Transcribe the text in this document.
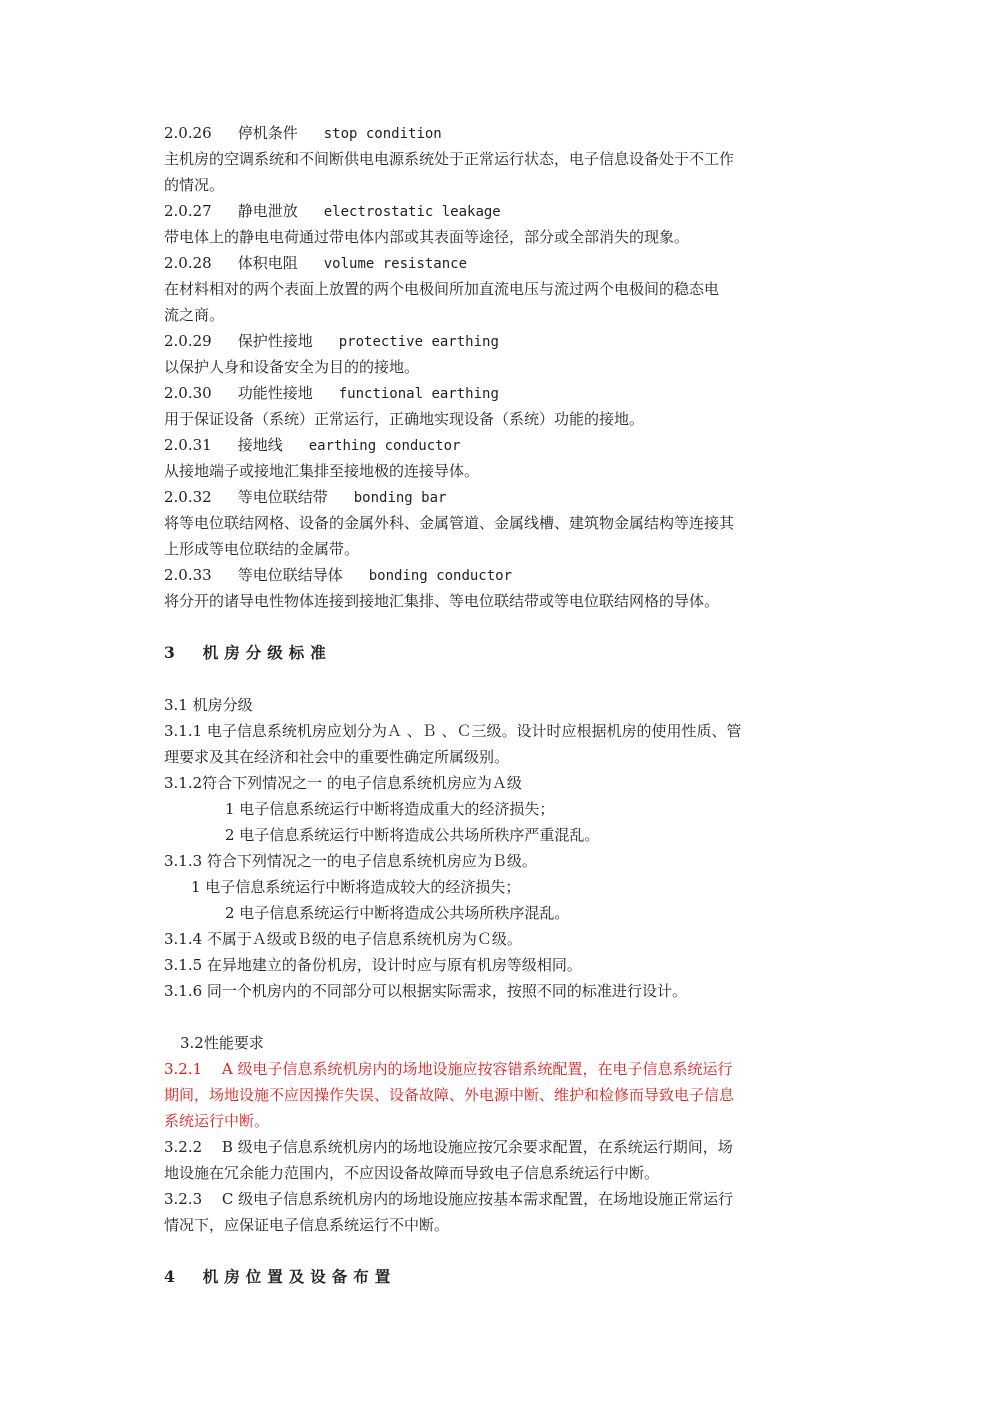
2.0.26 停机条件 stop condition
主机房的空调系统和不间断供电电源系统处于正常运行状态，电子信息设备处于不工作
的情况。
2.0.27 静电泄放 electrostatic leakage
带电体上的静电电荷通过带电体内部或其表面等途径，部分或全部消失的现象。
2.0.28 体积电阻 volume resistance
在材料相对的两个表面上放置的两个电极间所加直流电压与流过两个电极间的稳态电
流之商。
2.0.29 保护性接地 protective earthing
以保护人身和设备安全为目的的接地。
2.0.30 功能性接地 functional earthing
用于保证设备（系统）正常运行，正确地实现设备（系统）功能的接地。
2.0.31 接地线 earthing conductor
从接地端子或接地汇集排至接地极的连接导体。
2.0.32 等电位联结带 bonding bar
将等电位联结网格、设备的金属外科、金属管道、金属线槽、建筑物金属结构等连接其
上形成等电位联结的金属带。
2.0.33 等电位联结导体 bonding conductor
将分开的诸导电性物体连接到接地汇集排、等电位联结带或等电位联结网格的导体。
3 机房分级标准
3.1 机房分级
3.1.1 电子信息系统机房应划分为Ａ 、Ｂ 、Ｃ三级。设计时应根据机房的使用性质、管
理要求及其在经济和社会中的重要性确定所属级别。
3.1.2符合下列情况之一 的电子信息系统机房应为Ａ级
1 电子信息系统运行中断将造成重大的经济损失；
2 电子信息系统运行中断将造成公共场所秩序严重混乱。
3.1.3 符合下列情况之一的电子信息系统机房应为Ｂ级。
1 电子信息系统运行中断将造成较大的经济损失；
2 电子信息系统运行中断将造成公共场所秩序混乱。
3.1.4 不属于Ａ级或Ｂ级的电子信息系统机房为Ｃ级。
3.1.5 在异地建立的备份机房，设计时应与原有机房等级相同。
3.1.6 同一个机房内的不同部分可以根据实际需求，按照不同的标准进行设计。
3.2性能要求
3.2.1　 A 级电子信息系统机房内的场地设施应按容错系统配置，在电子信息系统运行
期间，场地设施不应因操作失误、设备故障、外电源中断、维护和检修而导致电子信息
系统运行中断。
3.2.2　 B 级电子信息系统机房内的场地设施应按冗余要求配置，在系统运行期间，场
地设施在冗余能力范围内，不应因设备故障而导致电子信息系统运行中断。
3.2.3　 C 级电子信息系统机房内的场地设施应按基本需求配置，在场地设施正常运行
情况下，应保证电子信息系统运行不中断。
4 机房位置及设备布置
